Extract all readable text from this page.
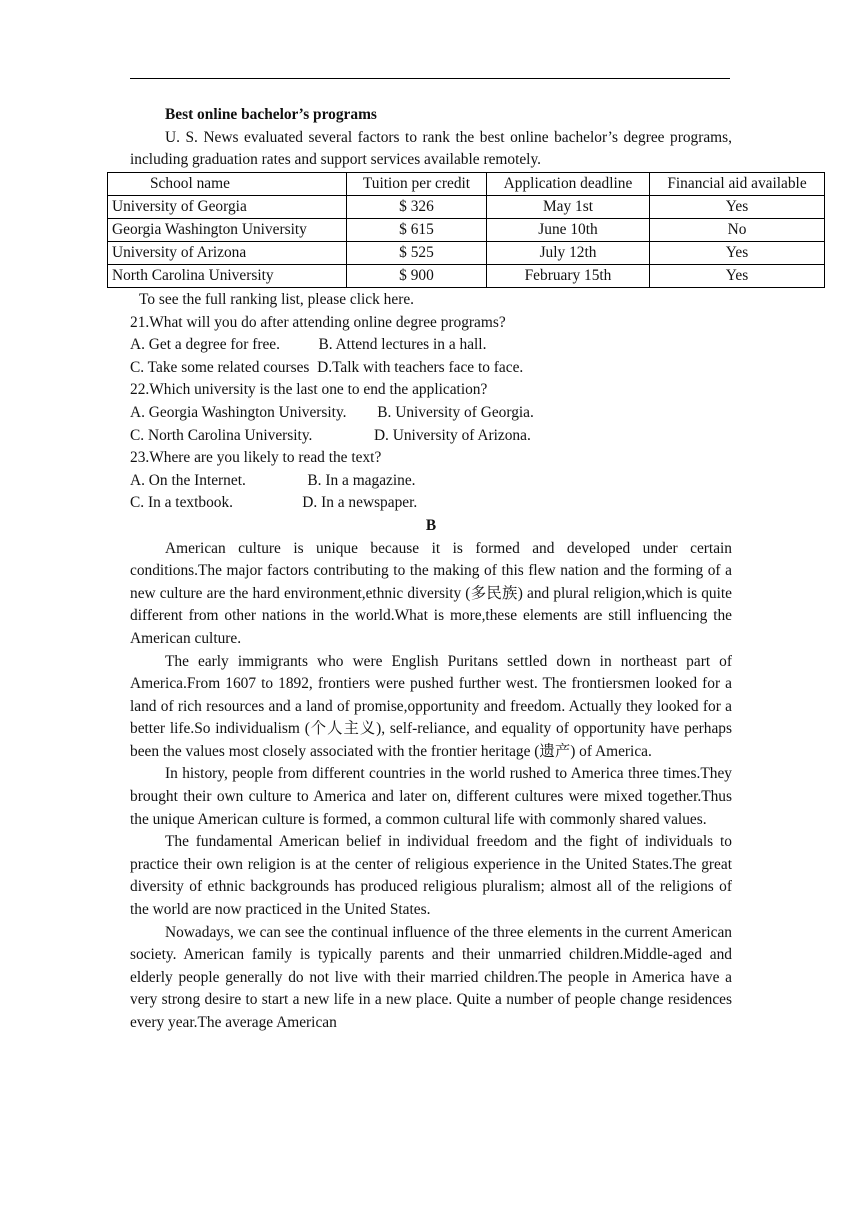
Best online bachelor’s programs

U. S. News evaluated several factors to rank the best online bachelor’s degree programs, including graduation rates and support services available remotely.

School name	Tuition per credit	Application deadline	Financial aid available
University of Georgia	$ 326	May 1st	Yes
Georgia Washington University	$ 615	June 10th	No
University of Arizona	$ 525	July 12th	Yes
North Carolina University	$ 900	February 15th	Yes

To see the full ranking list, please click here.

21.What will you do after attending online degree programs?

A. Get a degree for free.          B. Attend lectures in a hall.

C. Take some related courses  D.Talk with teachers face to face.

22.Which university is the last one to end the application?

A. Georgia Washington University.        B. University of Georgia.

C. North Carolina University.                D. University of Arizona.

23.Where are you likely to read the text?

A. On the Internet.                B. In a magazine.

C. In a textbook.                  D. In a newspaper.

B

American culture is unique because it is formed and developed under certain conditions.The major factors contributing to the making of this flew nation and the forming of a new culture are the hard environment,ethnic diversity (多民族) and plural religion,which is quite different from other nations in the world.What is more,these elements are still influencing the American culture.

The early immigrants who were English Puritans settled down in northeast part of America.From 1607 to 1892, frontiers were pushed further west. The frontiersmen looked for a land of rich resources and a land of promise,opportunity and freedom. Actually they looked for a better life.So individualism (个人主义), self-reliance, and equality of opportunity have perhaps been the values most closely associated with the frontier heritage (遗产) of America.

In history, people from different countries in the world rushed to America three times.They brought their own culture to America and later on, different cultures were mixed together.Thus the unique American culture is formed, a common cultural life with commonly shared values.

The fundamental American belief in individual freedom and the fight of individuals to practice their own religion is at the center of religious experience in the United States.The great diversity of ethnic backgrounds has produced religious pluralism; almost all of the religions of the world are now practiced in the United States.

Nowadays, we can see the continual influence of the three elements in the current American society. American family is typically parents and their unmarried children.Middle-aged and elderly people generally do not live with their married children.The people in America have a very strong desire to start a new life in a new place. Quite a number of people change residences every year.The average American
